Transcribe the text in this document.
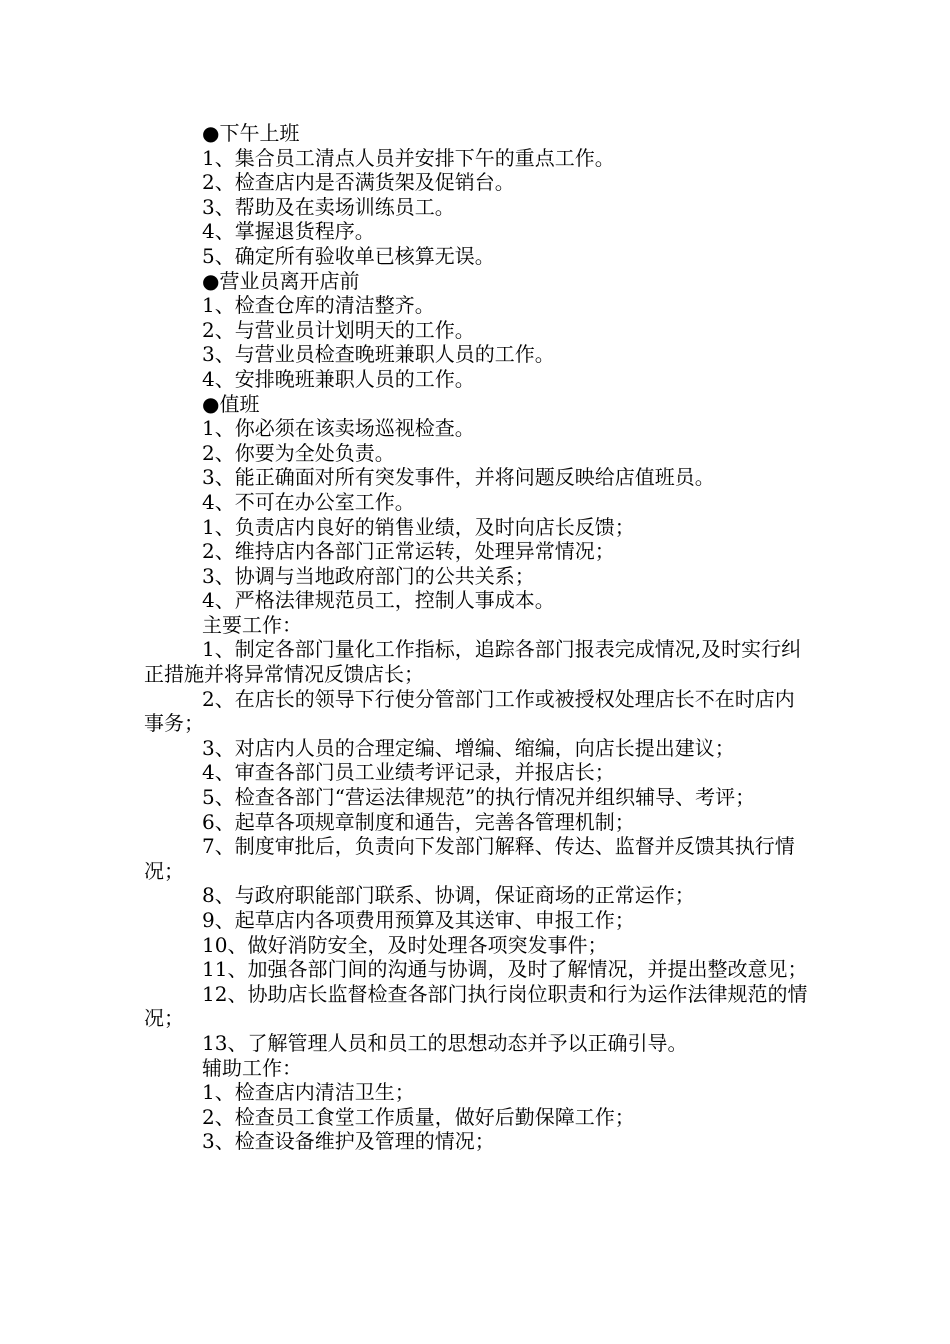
●下午上班

1、集合员工清点人员并安排下午的重点工作。

2、检查店内是否满货架及促销台。

3、帮助及在卖场训练员工。

4、掌握退货程序。

5、确定所有验收单已核算无误。

●营业员离开店前

1、检查仓库的清洁整齐。

2、与营业员计划明天的工作。

3、与营业员检查晚班兼职人员的工作。

4、安排晚班兼职人员的工作。

●值班

1、你必须在该卖场巡视检查。

2、你要为全处负责。

3、能正确面对所有突发事件，并将问题反映给店值班员。

4、不可在办公室工作。

1、负责店内良好的销售业绩，及时向店长反馈；

2、维持店内各部门正常运转，处理异常情况；

3、协调与当地政府部门的公共关系；

4、严格法律规范员工，控制人事成本。

主要工作：

1、制定各部门量化工作指标，追踪各部门报表完成情况,及时实行纠正措施并将异常情况反馈店长；

2、在店长的领导下行使分管部门工作或被授权处理店长不在时店内事务；

3、对店内人员的合理定编、增编、缩编，向店长提出建议；

4、审查各部门员工业绩考评记录，并报店长；

5、检查各部门“营运法律规范”的执行情况并组织辅导、考评；

6、起草各项规章制度和通告，完善各管理机制；

7、制度审批后，负责向下发部门解释、传达、监督并反馈其执行情况；

8、与政府职能部门联系、协调，保证商场的正常运作；

9、起草店内各项费用预算及其送审、申报工作；

10、做好消防安全，及时处理各项突发事件；

11、加强各部门间的沟通与协调，及时了解情况，并提出整改意见；

12、协助店长监督检查各部门执行岗位职责和行为运作法律规范的情况；

13、了解管理人员和员工的思想动态并予以正确引导。

辅助工作：

1、检查店内清洁卫生；

2、检查员工食堂工作质量，做好后勤保障工作；

3、检查设备维护及管理的情况；
